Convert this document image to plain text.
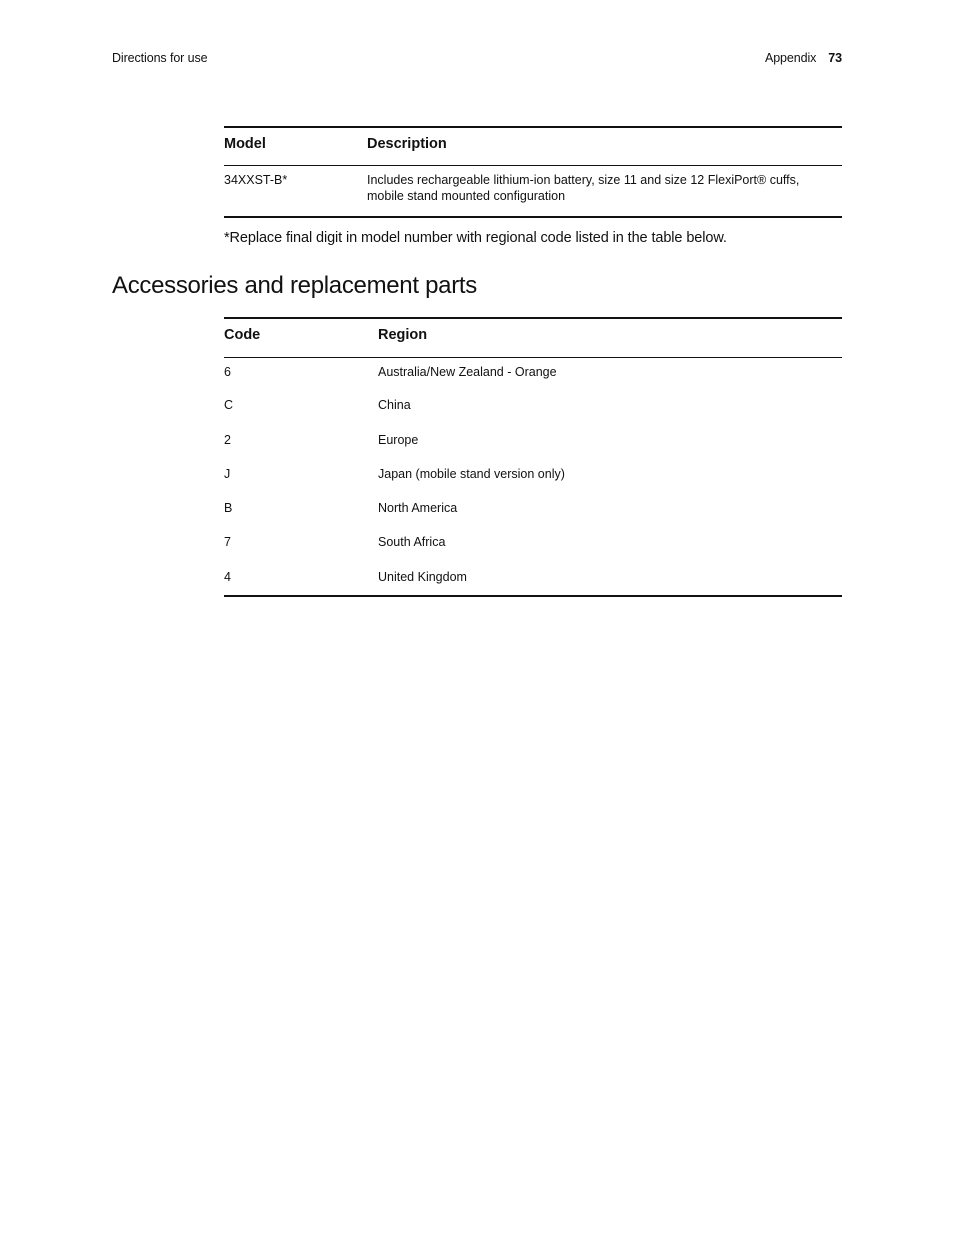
Directions for use	Appendix 73
Model	Description
34XXST-B*	Includes rechargeable lithium-ion battery, size 11 and size 12 FlexiPort® cuffs,
mobile stand mounted configuration
*Replace final digit in model number with regional code listed in the table below.
Accessories and replacement parts
Code	Region
6	Australia/New Zealand - Orange
C	China
2	Europe
J	Japan (mobile stand version only)
B	North America
7	South Africa
4	United Kingdom
